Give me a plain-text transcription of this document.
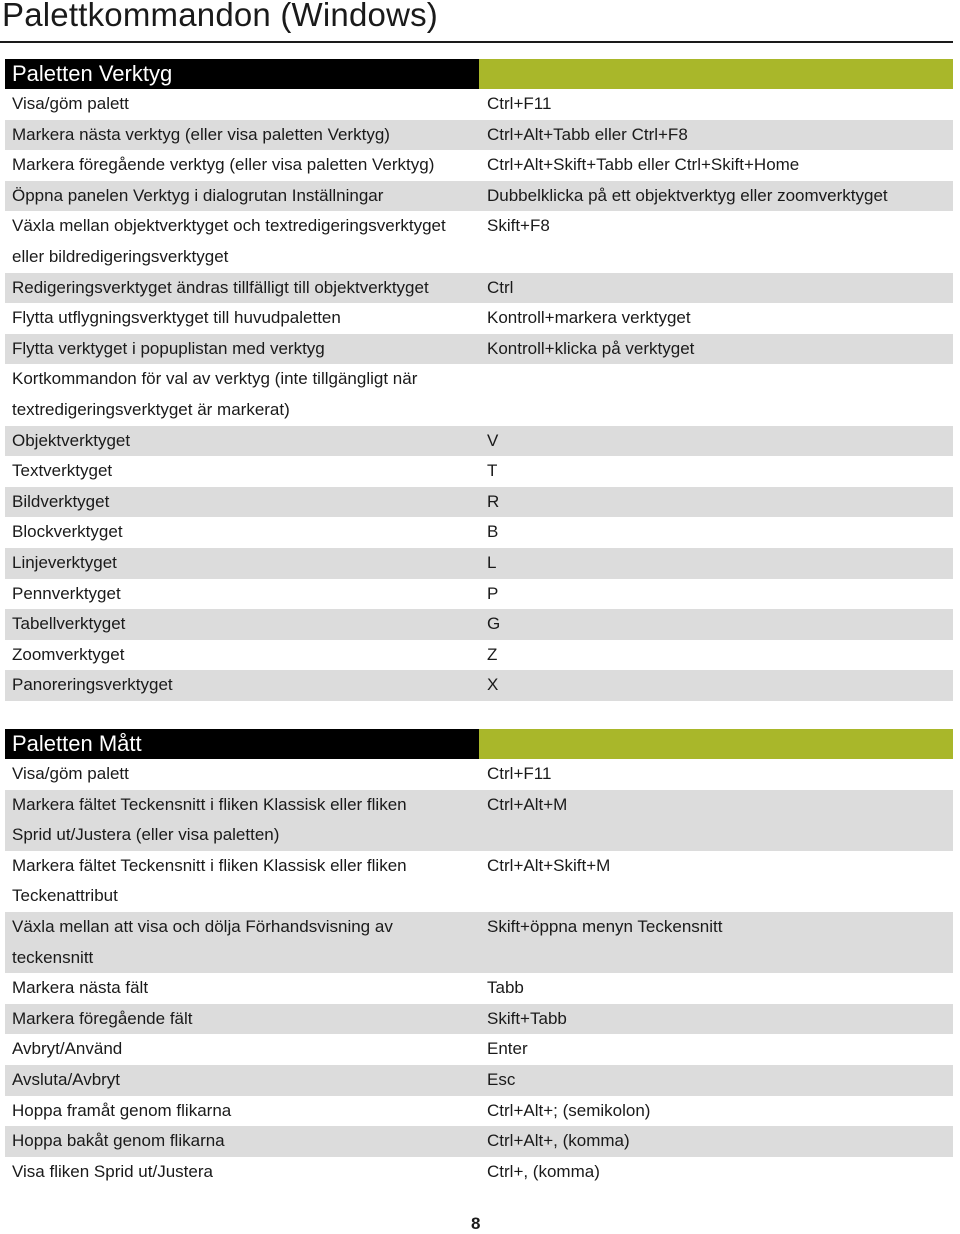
Palettkommandon (Windows)
Paletten Verktyg
Visa/göm palett	Ctrl+F11
Markera nästa verktyg (eller visa paletten Verktyg)	Ctrl+Alt+Tabb eller Ctrl+F8
Markera föregående verktyg (eller visa paletten Verktyg)	Ctrl+Alt+Skift+Tabb eller Ctrl+Skift+Home
Öppna panelen Verktyg i dialogrutan Inställningar	Dubbelklicka på ett objektverktyg eller zoomverktyget
Växla mellan objektverktyget och textredigeringsverktyget	Skift+F8
eller bildredigeringsverktyget
Redigeringsverktyget ändras tillfälligt till objektverktyget	Ctrl
Flytta utflygningsverktyget till huvudpaletten	Kontroll+markera verktyget
Flytta verktyget i popuplistan med verktyg	Kontroll+klicka på verktyget
Kortkommandon för val av verktyg (inte tillgängligt när
textredigeringsverktyget är markerat)
Objektverktyget	V
Textverktyget	T
Bildverktyget	R
Blockverktyget	B
Linjeverktyget	L
Pennverktyget	P
Tabellverktyget	G
Zoomverktyget	Z
Panoreringsverktyget	X
Paletten Mått
Visa/göm palett	Ctrl+F11
Markera fältet Teckensnitt i fliken Klassisk eller fliken	Ctrl+Alt+M
Sprid ut/Justera (eller visa paletten)
Markera fältet Teckensnitt i fliken Klassisk eller fliken	Ctrl+Alt+Skift+M
Teckenattribut
Växla mellan att visa och dölja Förhandsvisning av	Skift+öppna menyn Teckensnitt
teckensnitt
Markera nästa fält	Tabb
Markera föregående fält	Skift+Tabb
Avbryt/Använd	Enter
Avsluta/Avbryt	Esc
Hoppa framåt genom flikarna	Ctrl+Alt+; (semikolon)
Hoppa bakåt genom flikarna	Ctrl+Alt+, (komma)
Visa fliken Sprid ut/Justera	Ctrl+, (komma)
8
